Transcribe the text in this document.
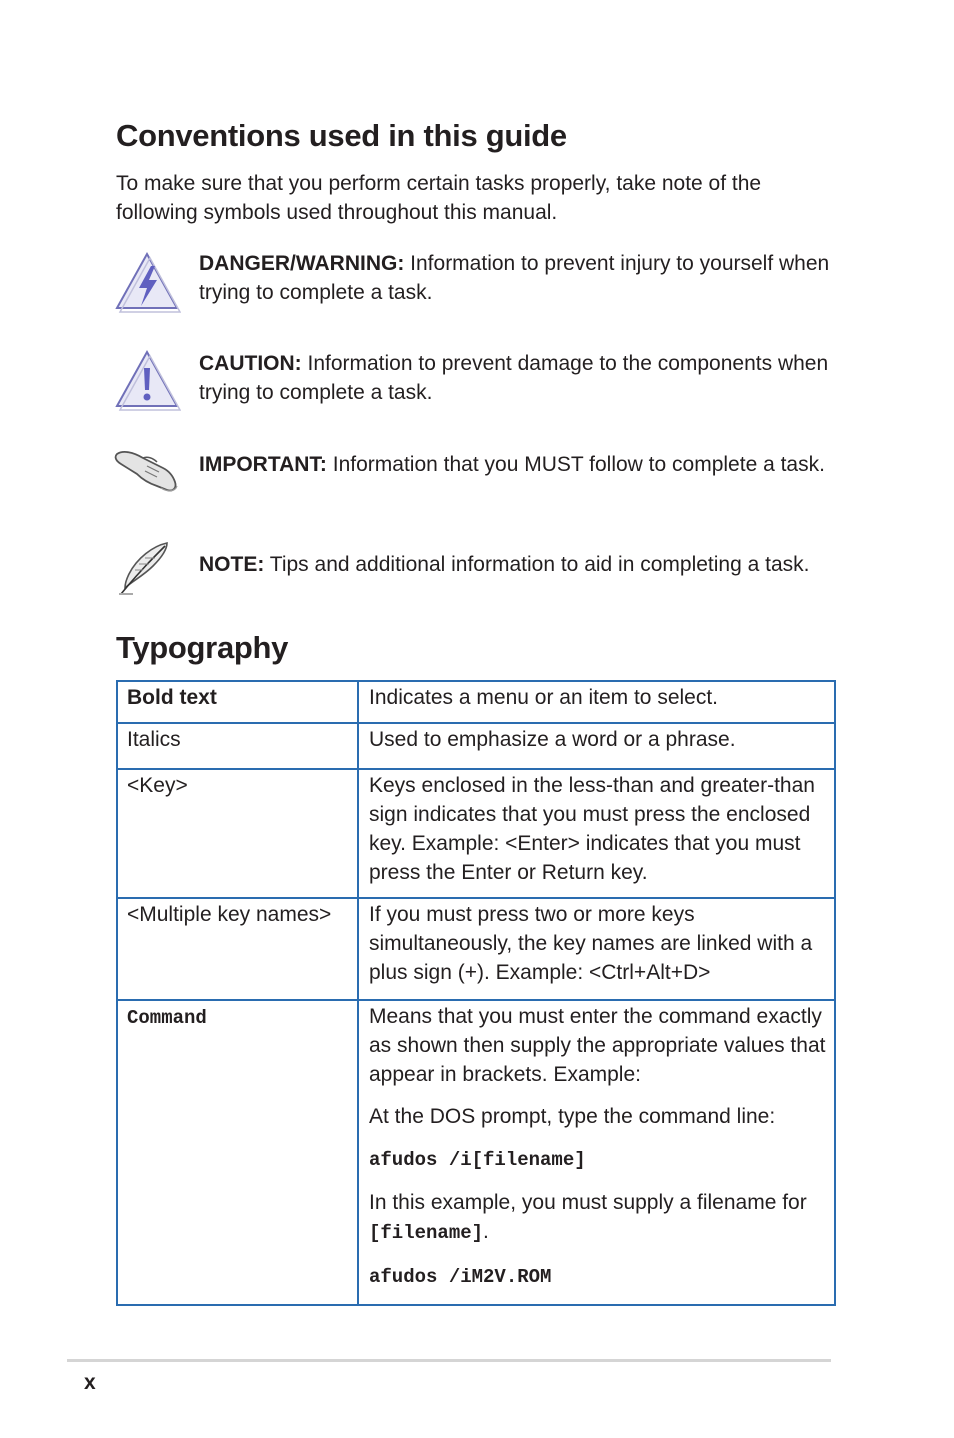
Conventions used in this guide
To make sure that you perform certain tasks properly, take note of the following symbols used throughout this manual.
DANGER/WARNING: Information to prevent injury to yourself when trying to complete a task.
CAUTION: Information to prevent damage to the components when trying to complete a task.
IMPORTANT: Information that you MUST follow to complete a task.
NOTE: Tips and additional information to aid in completing a task.
Typography
Bold text	Indicates a menu or an item to select.
Italics	Used to emphasize a word or a phrase.
<Key>	Keys enclosed in the less-than and greater-than sign indicates that you must press the enclosed key. Example: <Enter> indicates that you must press the Enter or Return key.
<Multiple key names>	If you must press two or more keys simultaneously, the key names are linked with a plus sign (+). Example: <Ctrl+Alt+D>
Command	Means that you must enter the command exactly as shown then supply the appropriate values that appear in brackets. Example:

At the DOS prompt, type the command line:

afudos /i[filename]

In this example, you must supply a filename for [filename].

afudos /iM2V.ROM

x
